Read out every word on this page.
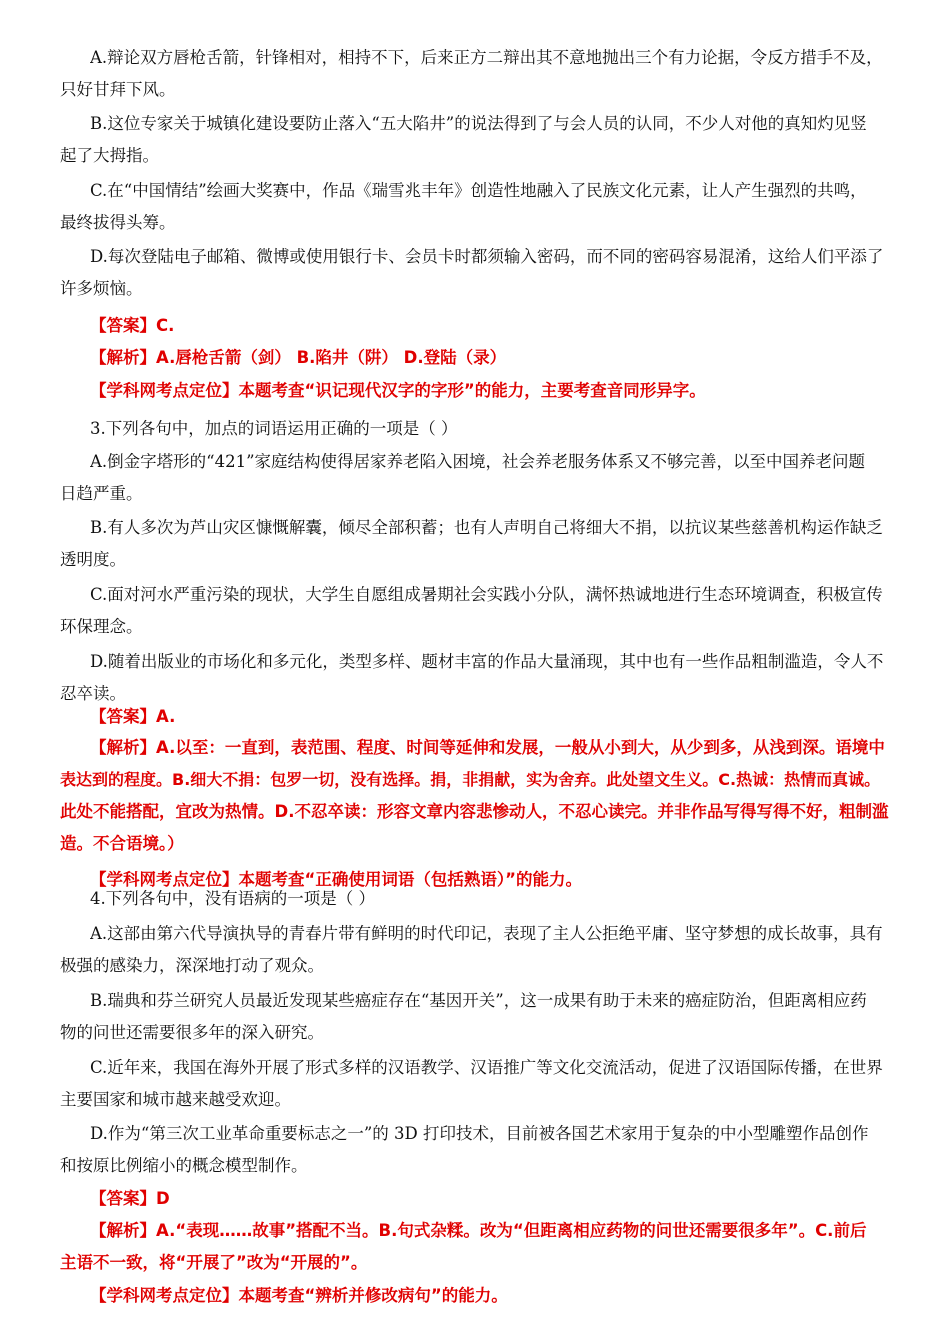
A.辩论双方唇枪舌箭，针锋相对，相持不下，后来正方二辩出其不意地抛出三个有力论据，令反方措手不及，
只好甘拜下风。
B.这位专家关于城镇化建设要防止落入“五大陷井”的说法得到了与会人员的认同，不少人对他的真知灼见竖
起了大拇指。
C.在“中国情结”绘画大奖赛中，作品《瑞雪兆丰年》创造性地融入了民族文化元素，让人产生强烈的共鸣，
最终拔得头筹。
D.每次登陆电子邮箱、微博或使用银行卡、会员卡时都须输入密码，而不同的密码容易混淆，这给人们平添了
许多烦恼。
【答案】C.
【解析】A.唇枪舌箭（剑） B.陷井（阱） D.登陆（录）
【学科网考点定位】本题考查“识记现代汉字的字形”的能力，主要考查音同形异字。
3.下列各句中，加点的词语运用正确的一项是（ ）
A.倒金字塔形的“421”家庭结构使得居家养老陷入困境，社会养老服务体系又不够完善，以至中国养老问题
日趋严重。
B.有人多次为芦山灾区慷慨解囊，倾尽全部积蓄；也有人声明自己将细大不捐，以抗议某些慈善机构运作缺乏
透明度。
C.面对河水严重污染的现状，大学生自愿组成暑期社会实践小分队，满怀热诚地进行生态环境调查，积极宣传
环保理念。
D.随着出版业的市场化和多元化，类型多样、题材丰富的作品大量涌现，其中也有一些作品粗制滥造，令人不
忍卒读。
【答案】A.
【解析】A.以至：一直到，表范围、程度、时间等延伸和发展，一般从小到大，从少到多，从浅到深。语境中
表达到的程度。B.细大不捐：包罗一切，没有选择。捐，非捐献，实为舍弃。此处望文生义。C.热诚：热情而真诚。
此处不能搭配，宜改为热情。D.不忍卒读：形容文章内容悲惨动人，不忍心读完。并非作品写得写得不好，粗制滥
造。不合语境。）
【学科网考点定位】本题考查“正确使用词语（包括熟语）”的能力。
4.下列各句中，没有语病的一项是（ ）
A.这部由第六代导演执导的青春片带有鲜明的时代印记，表现了主人公拒绝平庸、坚守梦想的成长故事，具有
极强的感染力，深深地打动了观众。
B.瑞典和芬兰研究人员最近发现某些癌症存在“基因开关”，这一成果有助于未来的癌症防治，但距离相应药
物的问世还需要很多年的深入研究。
C.近年来，我国在海外开展了形式多样的汉语教学、汉语推广等文化交流活动，促进了汉语国际传播，在世界
主要国家和城市越来越受欢迎。
D.作为“第三次工业革命重要标志之一”的 3D 打印技术，目前被各国艺术家用于复杂的中小型雕塑作品创作
和按原比例缩小的概念模型制作。
【答案】D
【解析】A.“表现……故事”搭配不当。B.句式杂糅。改为“但距离相应药物的问世还需要很多年”。C.前后
主语不一致，将“开展了”改为“开展的”。
【学科网考点定位】本题考查“辨析并修改病句”的能力。
